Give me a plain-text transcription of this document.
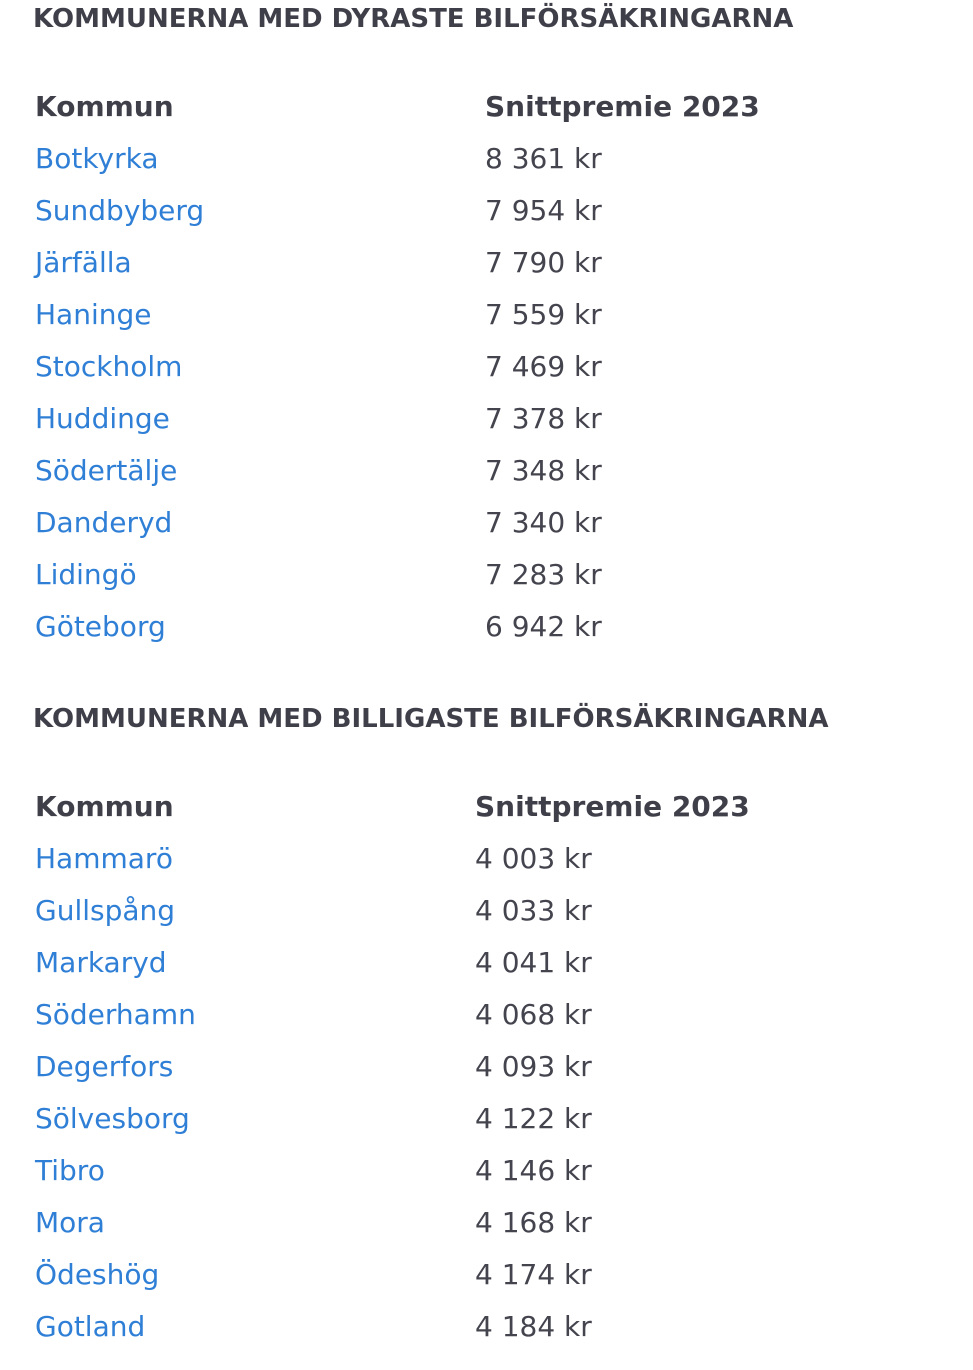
KOMMUNERNA MED DYRASTE BILFÖRSÄKRINGARNA
Kommun	Snittpremie 2023
Botkyrka	8 361 kr
Sundbyberg	7 954 kr
Järfälla	7 790 kr
Haninge	7 559 kr
Stockholm	7 469 kr
Huddinge	7 378 kr
Södertälje	7 348 kr
Danderyd	7 340 kr
Lidingö	7 283 kr
Göteborg	6 942 kr
KOMMUNERNA MED BILLIGASTE BILFÖRSÄKRINGARNA
Kommun	Snittpremie 2023
Hammarö	4 003 kr
Gullspång	4 033 kr
Markaryd	4 041 kr
Söderhamn	4 068 kr
Degerfors	4 093 kr
Sölvesborg	4 122 kr
Tibro	4 146 kr
Mora	4 168 kr
Ödeshög	4 174 kr
Gotland	4 184 kr
